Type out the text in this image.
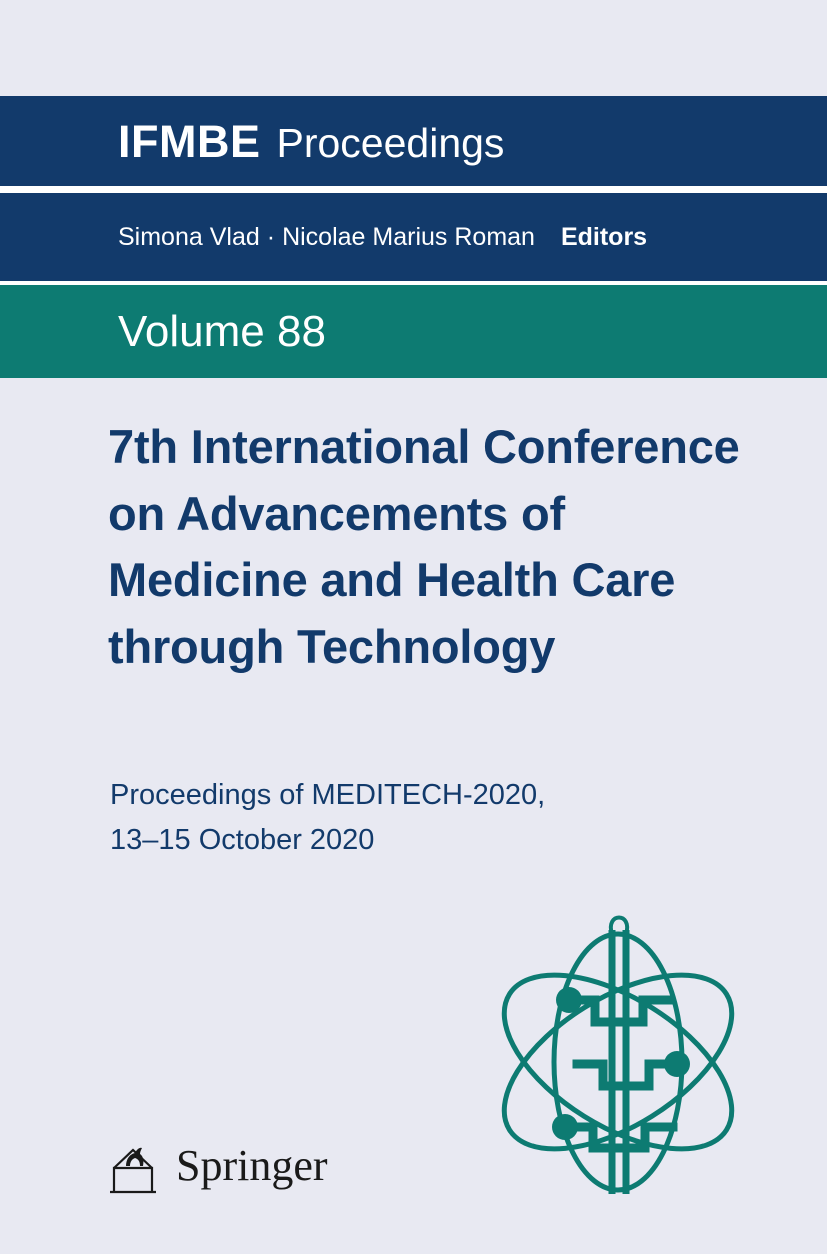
IFMBE Proceedings
Simona Vlad · Nicolae Marius Roman Editors
Volume 88
7th International Conference on Advancements of Medicine and Health Care through Technology
Proceedings of MEDITECH-2020,
13–15 October 2020
Springer
